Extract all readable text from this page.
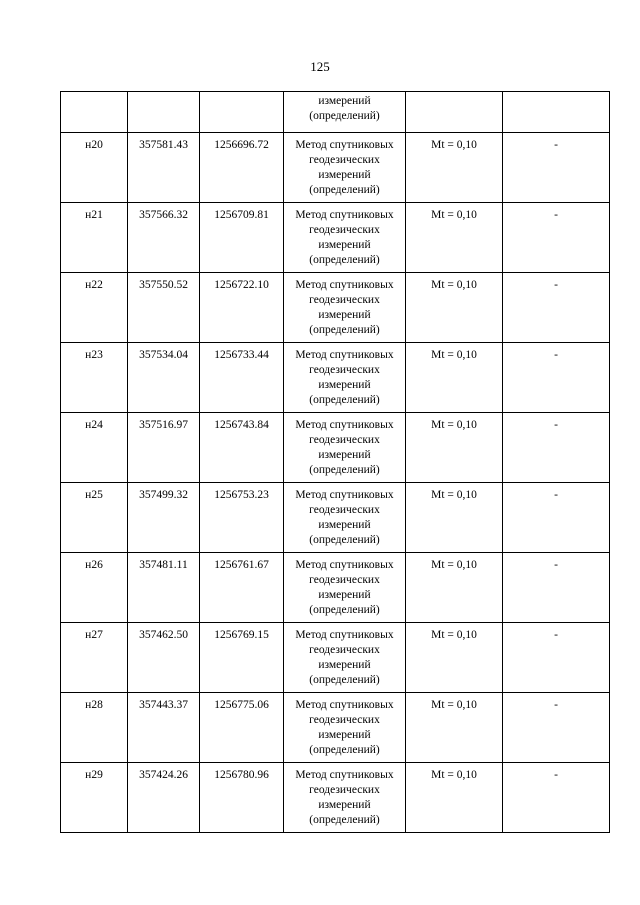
125

			измерений
(определений)		

н20	357581.43	1256696.72	Метод спутниковых
геодезических
измерений
(определений)	Mt = 0,10	-
н21	357566.32	1256709.81	Метод спутниковых
геодезических
измерений
(определений)	Mt = 0,10	-
н22	357550.52	1256722.10	Метод спутниковых
геодезических
измерений
(определений)	Mt = 0,10	-
н23	357534.04	1256733.44	Метод спутниковых
геодезических
измерений
(определений)	Mt = 0,10	-
н24	357516.97	1256743.84	Метод спутниковых
геодезических
измерений
(определений)	Mt = 0,10	-
н25	357499.32	1256753.23	Метод спутниковых
геодезических
измерений
(определений)	Mt = 0,10	-
н26	357481.11	1256761.67	Метод спутниковых
геодезических
измерений
(определений)	Mt = 0,10	-
н27	357462.50	1256769.15	Метод спутниковых
геодезических
измерений
(определений)	Mt = 0,10	-
н28	357443.37	1256775.06	Метод спутниковых
геодезических
измерений
(определений)	Mt = 0,10	-
н29	357424.26	1256780.96	Метод спутниковых
геодезических
измерений
(определений)	Mt = 0,10	-
